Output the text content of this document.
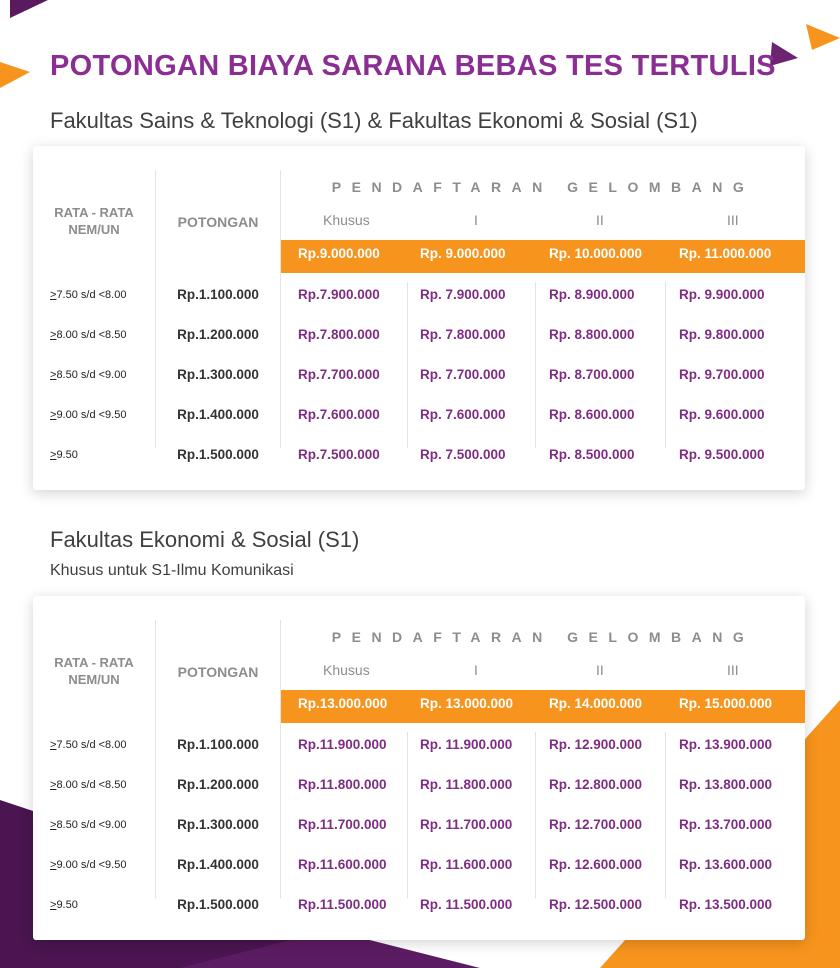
POTONGAN BIAYA SARANA BEBAS TES TERTULIS
Fakultas Sains & Teknologi (S1) & Fakultas Ekonomi & Sosial (S1)
RATA - RATA NEM/UN	POTONGAN
PENDAFTARAN GELOMBANG
Khusus	I	II	III
Rp.9.000.000	Rp. 9.000.000	Rp. 10.000.000	Rp. 11.000.000
>7.50 s/d <8.00	Rp.1.100.000	Rp.7.900.000	Rp. 7.900.000	Rp. 8.900.000	Rp. 9.900.000
>8.00 s/d <8.50	Rp.1.200.000	Rp.7.800.000	Rp. 7.800.000	Rp. 8.800.000	Rp. 9.800.000
>8.50 s/d <9.00	Rp.1.300.000	Rp.7.700.000	Rp. 7.700.000	Rp. 8.700.000	Rp. 9.700.000
>9.00 s/d <9.50	Rp.1.400.000	Rp.7.600.000	Rp. 7.600.000	Rp. 8.600.000	Rp. 9.600.000
>9.50	Rp.1.500.000	Rp.7.500.000	Rp. 7.500.000	Rp. 8.500.000	Rp. 9.500.000
Fakultas Ekonomi & Sosial (S1)

Khusus untuk S1-Ilmu Komunikasi

RATA - RATA NEM/UN	POTONGAN
PENDAFTARAN GELOMBANG
Khusus	I	II	III
Rp.13.000.000 Rp. 13.000.000	Rp. 14.000.000	Rp. 15.000.000
>7.50 s/d <8.00	Rp.1.100.000	Rp.11.900.000 Rp. 11.900.000	Rp. 12.900.000	Rp. 13.900.000
>8.00 s/d <8.50	Rp.1.200.000	Rp.11.800.000 Rp. 11.800.000	Rp. 12.800.000	Rp. 13.800.000
>8.50 s/d <9.00	Rp.1.300.000	Rp.11.700.000 Rp. 11.700.000	Rp. 12.700.000	Rp. 13.700.000
>9.00 s/d <9.50	Rp.1.400.000	Rp.11.600.000 Rp. 11.600.000	Rp. 12.600.000	Rp. 13.600.000
>9.50	Rp.1.500.000	Rp.11.500.000 Rp. 11.500.000	Rp. 12.500.000	Rp. 13.500.000
